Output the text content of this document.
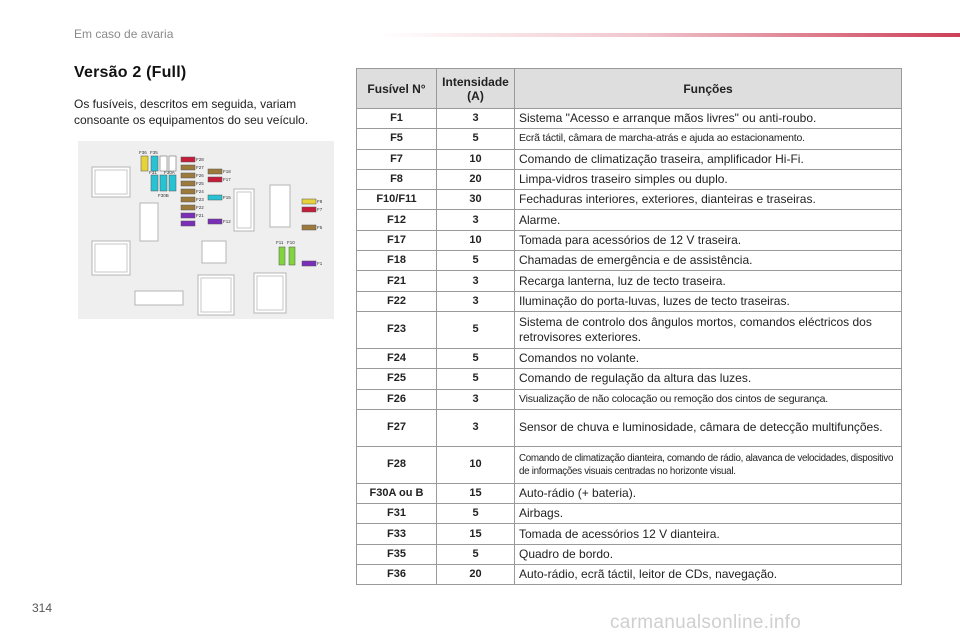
Em caso de avaria
Versão 2 (Full)

Os fusíveis, descritos em seguida, variam consoante os equipamentos do seu veículo.

F36 F35
F31 F30A
F30B
F28
F27
F26
F25
F24
F23
F22
F21
F18
F17
F15
F12
F8
F7
F5
F1
F11 F10
Fusível N°	Intensidade (A)	Funções
F1	3	Sistema "Acesso e arranque mãos livres" ou anti-roubo.
F5	5	Ecrã táctil, câmara de marcha-atrás e ajuda ao estacionamento.
F7	10	Comando de climatização traseira, amplificador Hi-Fi.
F8	20	Limpa-vidros traseiro simples ou duplo.
F10/F11	30	Fechaduras interiores, exteriores, dianteiras e traseiras.
F12	3	Alarme.
F17	10	Tomada para acessórios de 12 V traseira.
F18	5	Chamadas de emergência e de assistência.
F21	3	Recarga lanterna, luz de tecto traseira.
F22	3	Iluminação do porta-luvas, luzes de tecto traseiras.
F23	5	Sistema de controlo dos ângulos mortos, comandos eléctricos dos retrovisores exteriores.
F24	5	Comandos no volante.
F25	5	Comando de regulação da altura das luzes.
F26	3	Visualização de não colocação ou remoção dos cintos de segurança.
F27	3	Sensor de chuva e luminosidade, câmara de detecção multifunções.
F28	10	Comando de climatização dianteira, comando de rádio, alavanca de velocidades, dispositivo de informações visuais centradas no horizonte visual.
F30A ou B	15	Auto-rádio (+ bateria).
F31	5	Airbags.
F33	15	Tomada de acessórios 12 V dianteira.
F35	5	Quadro de bordo.
F36	20	Auto-rádio, ecrã táctil, leitor de CDs, navegação.
314
carmanualsonline.info
